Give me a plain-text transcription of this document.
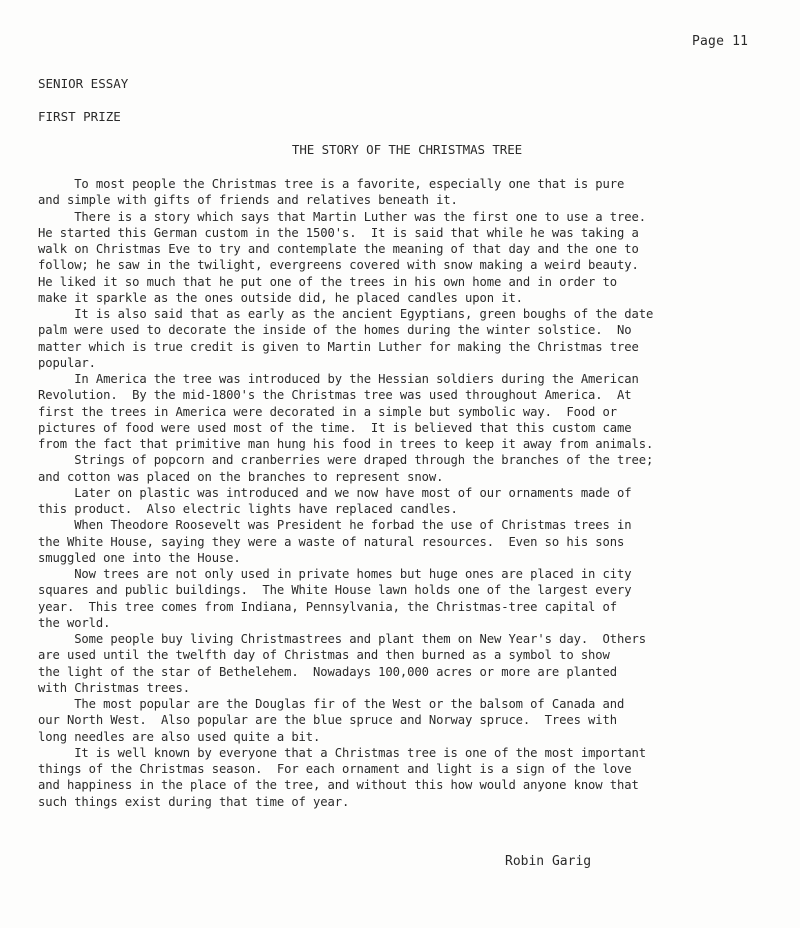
Page 11
SENIOR ESSAY
FIRST PRIZE
THE STORY OF THE CHRISTMAS TREE
To most people the Christmas tree is a favorite, especially one that is pure
and simple with gifts of friends and relatives beneath it.
There is a story which says that Martin Luther was the first one to use a tree.
He started this German custom in the 1500's.  It is said that while he was taking a
walk on Christmas Eve to try and contemplate the meaning of that day and the one to
follow; he saw in the twilight, evergreens covered with snow making a weird beauty.
He liked it so much that he put one of the trees in his own home and in order to
make it sparkle as the ones outside did, he placed candles upon it.
It is also said that as early as the ancient Egyptians, green boughs of the date
palm were used to decorate the inside of the homes during the winter solstice.  No
matter which is true credit is given to Martin Luther for making the Christmas tree
popular.
In America the tree was introduced by the Hessian soldiers during the American
Revolution.  By the mid-1800's the Christmas tree was used throughout America.  At
first the trees in America were decorated in a simple but symbolic way.  Food or
pictures of food were used most of the time.  It is believed that this custom came
from the fact that primitive man hung his food in trees to keep it away from animals.
Strings of popcorn and cranberries were draped through the branches of the tree;
and cotton was placed on the branches to represent snow.
Later on plastic was introduced and we now have most of our ornaments made of
this product.  Also electric lights have replaced candles.
When Theodore Roosevelt was President he forbad the use of Christmas trees in
the White House, saying they were a waste of natural resources.  Even so his sons
smuggled one into the House.
Now trees are not only used in private homes but huge ones are placed in city
squares and public buildings.  The White House lawn holds one of the largest every
year.  This tree comes from Indiana, Pennsylvania, the Christmas-tree capital of
the world.
Some people buy living Christmastrees and plant them on New Year's day.  Others
are used until the twelfth day of Christmas and then burned as a symbol to show
the light of the star of Bethelehem.  Nowadays 100,000 acres or more are planted
with Christmas trees.
The most popular are the Douglas fir of the West or the balsom of Canada and
our North West.  Also popular are the blue spruce and Norway spruce.  Trees with
long needles are also used quite a bit.
It is well known by everyone that a Christmas tree is one of the most important
things of the Christmas season.  For each ornament and light is a sign of the love
and happiness in the place of the tree, and without this how would anyone know that
such things exist during that time of year.
Robin Garig
